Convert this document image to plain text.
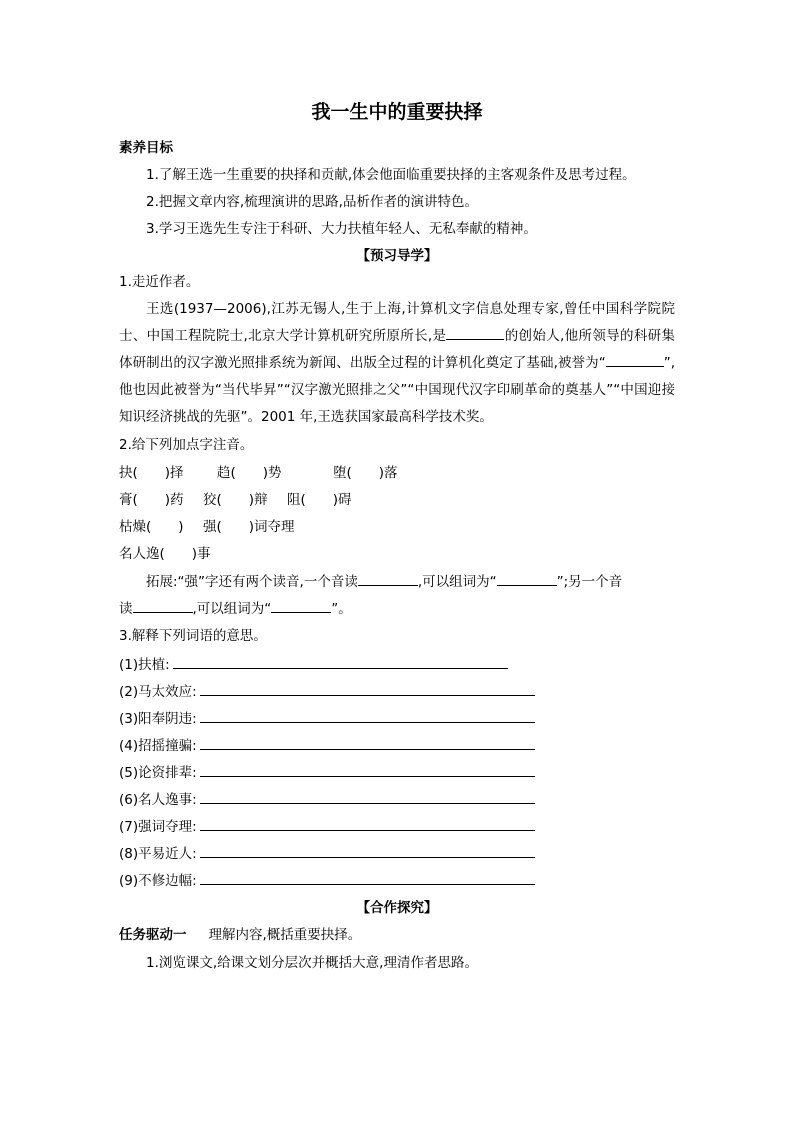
我一生中的重要抉择
素养目标
1.了解王选一生重要的抉择和贡献,体会他面临重要抉择的主客观条件及思考过程。
2.把握文章内容,梳理演讲的思路,品析作者的演讲特色。
3.学习王选先生专注于科研、大力扶植年轻人、无私奉献的精神。
【预习导学】
1.走近作者。
王选(1937—2006),江苏无锡人,生于上海,计算机文字信息处理专家,曾任中国科学院院士、中国工程院院士,北京大学计算机研究所原所长,是	的创始人,他所领导的科研集体研制出的汉字激光照排系统为新闻、出版全过程的计算机化奠定了基础,被誉为“	”,他也因此被誉为“当代毕昇”“汉字激光照排之父”“中国现代汉字印刷革命的奠基人”“中国迎接知识经济挑战的先驱”。2001 年,王选获国家最高科学技术奖。
2.给下列加点字注音。
抉(　　)择 趋(　　)势	堕(　　)落
膏(　　)药 狡(　　)辩 阻(　　)碍
枯燥(　　) 强(　　)词夺理
名人逸(　　)事
拓展:“强”字还有两个读音,一个音读	,可以组词为“	”;另一个音
读	,可以组词为“	”。
3.解释下列词语的意思。
(1)扶植:
(2)马太效应:
(3)阳奉阴违:
(4)招摇撞骗:
(5)论资排辈:
(6)名人逸事:
(7)强词夺理:
(8)平易近人:
(9)不修边幅:
【合作探究】
任务驱动一 理解内容,概括重要抉择。
1.浏览课文,给课文划分层次并概括大意,理清作者思路。
